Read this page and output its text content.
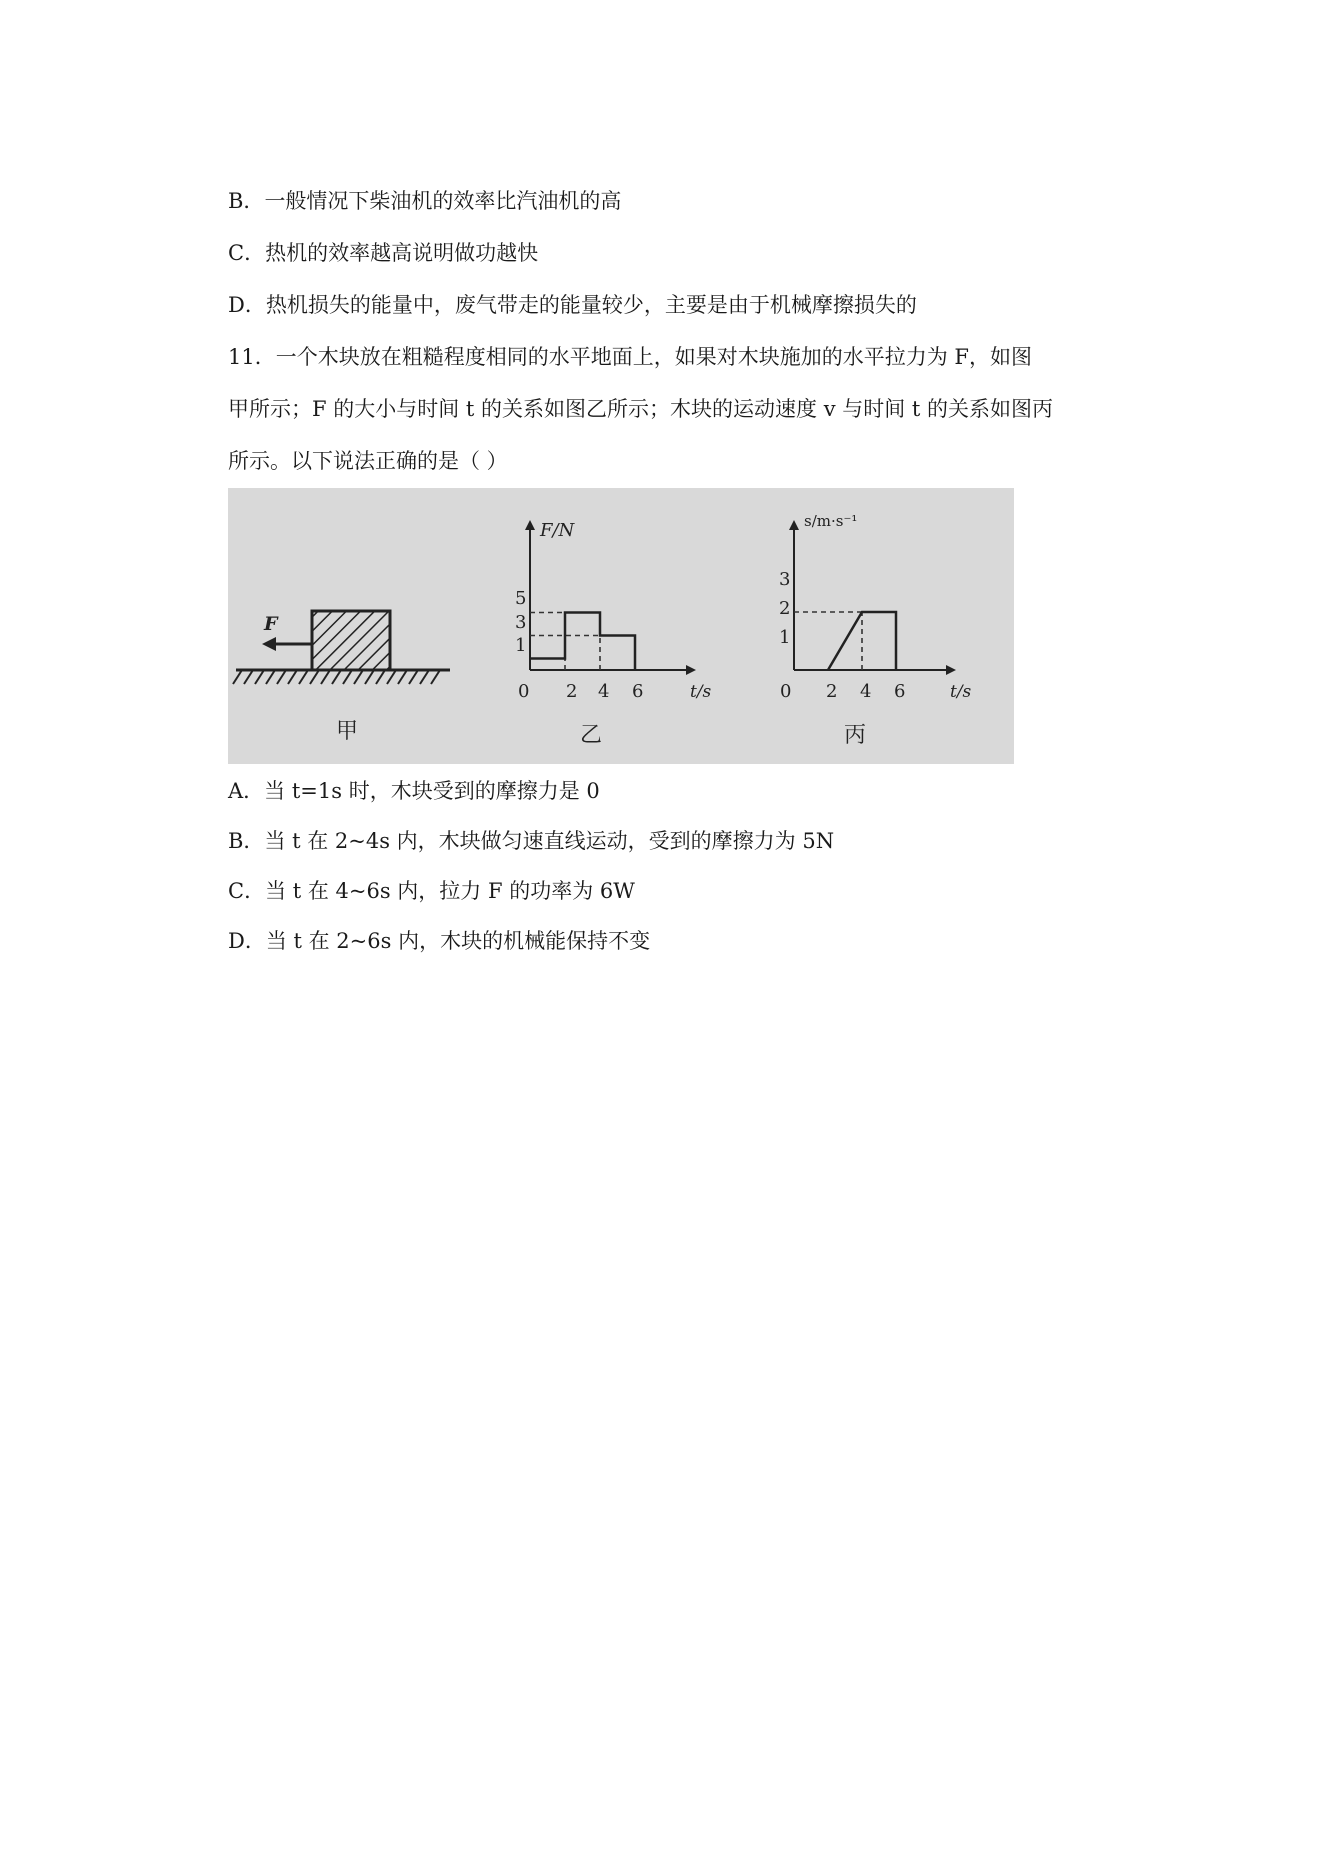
B．一般情况下柴油机的效率比汽油机的高
C．热机的效率越高说明做功越快
D．热机损失的能量中，废气带走的能量较少，主要是由于机械摩擦损失的
11．一个木块放在粗糙程度相同的水平地面上，如果对木块施加的水平拉力为 F，如图
甲所示；F 的大小与时间 t 的关系如图乙所示；木块的运动速度 v 与时间 t 的关系如图丙
所示。以下说法正确的是（ ）
F
甲
F/N
t/s
0 2 4 6
1
3
5
乙
s/m·s⁻¹
t/s
0 2 4 6
1
2
3
丙
A．当 t=1s 时，木块受到的摩擦力是 0
B．当 t 在 2~4s 内，木块做匀速直线运动，受到的摩擦力为 5N
C．当 t 在 4~6s 内，拉力 F 的功率为 6W
D．当 t 在 2~6s 内，木块的机械能保持不变
